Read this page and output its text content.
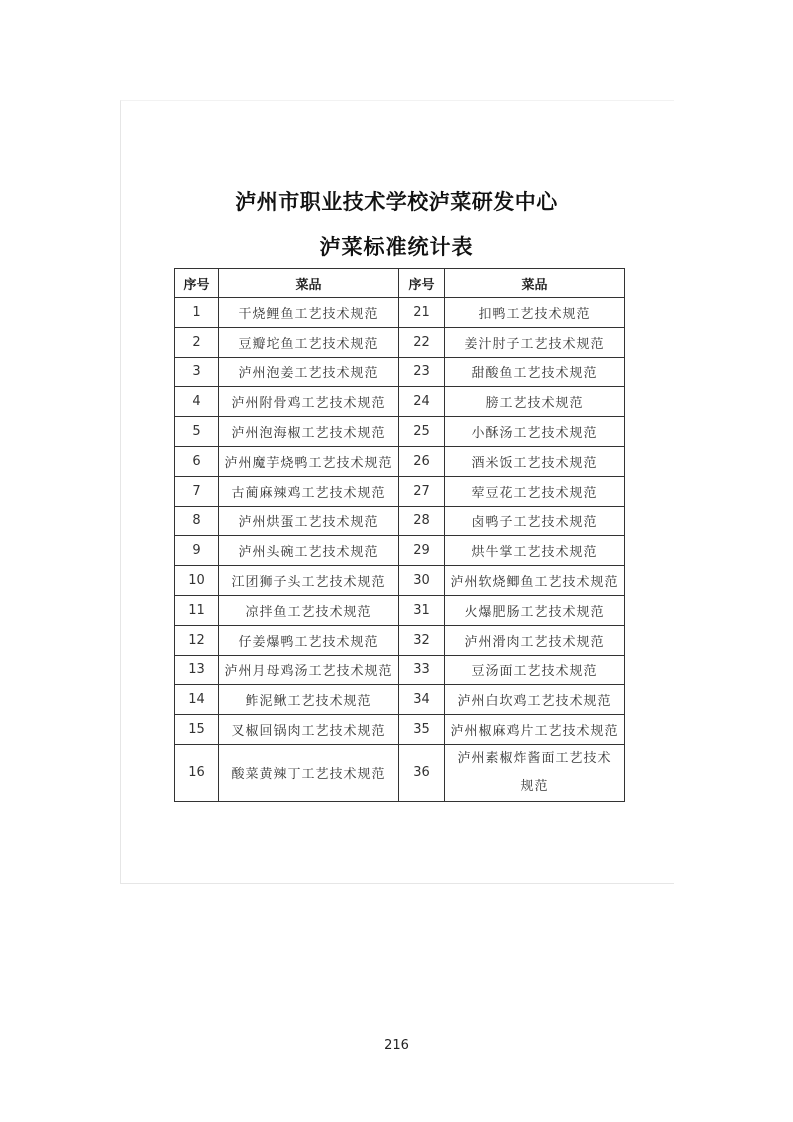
泸州市职业技术学校泸菜研发中心
泸菜标准统计表
序号	菜品	序号	菜品
1	干烧鲤鱼工艺技术规范	21	扣鸭工艺技术规范
2	豆瓣坨鱼工艺技术规范	22	姜汁肘子工艺技术规范
3	泸州泡姜工艺技术规范	23	甜酸鱼工艺技术规范
4	泸州附骨鸡工艺技术规范	24	膀工艺技术规范
5	泸州泡海椒工艺技术规范	25	小酥汤工艺技术规范
6	泸州魔芋烧鸭工艺技术规范	26	酒米饭工艺技术规范
7	古蔺麻辣鸡工艺技术规范	27	荤豆花工艺技术规范
8	泸州烘蛋工艺技术规范	28	卤鸭子工艺技术规范
9	泸州头碗工艺技术规范	29	烘牛掌工艺技术规范
10	江团狮子头工艺技术规范	30	泸州软烧鲫鱼工艺技术规范
11	凉拌鱼工艺技术规范	31	火爆肥肠工艺技术规范
12	仔姜爆鸭工艺技术规范	32	泸州滑肉工艺技术规范
13	泸州月母鸡汤工艺技术规范	33	豆汤面工艺技术规范
14	鲊泥鳅工艺技术规范	34	泸州白坎鸡工艺技术规范
15	叉椒回锅肉工艺技术规范	35	泸州椒麻鸡片工艺技术规范
16	酸菜黄辣丁工艺技术规范	36	泸州素椒炸酱面工艺技术规范
216
